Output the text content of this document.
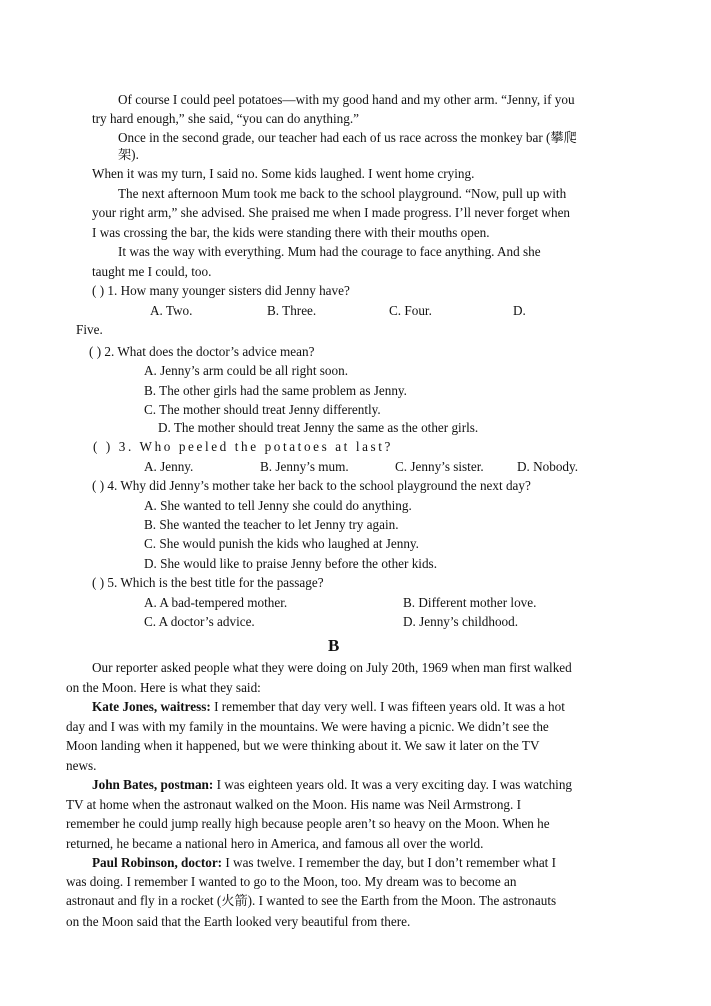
Of course I could peel potatoes—with my good hand and my other arm. “Jenny, if you
try hard enough,” she said, “you can do anything.”
Once in the second grade, our teacher had each of us race across the monkey bar (攀爬
架).
When it was my turn, I said no. Some kids laughed. I went home crying.
The next afternoon Mum took me back to the school playground. “Now, pull up with
your right arm,” she advised. She praised me when I made progress. I’ll never forget when
I was crossing the bar, the kids were standing there with their mouths open.
It was the way with everything. Mum had the courage to face anything. And she
taught me I could, too.
( ) 1. How many younger sisters did Jenny have?
A. Two.	B. Three.	C. Four.	D.
Five.
( ) 2. What does the doctor’s advice mean?
A. Jenny’s arm could be all right soon.
B. The other girls had the same problem as Jenny.
C. The mother should treat Jenny differently.
D. The mother should treat Jenny the same as the other girls.
( ) 3. Who peeled the potatoes at last?
A. Jenny.	B. Jenny’s mum.	C. Jenny’s sister.	D. Nobody.
( ) 4. Why did Jenny’s mother take her back to the school playground the next day?
A. She wanted to tell Jenny she could do anything.
B. She wanted the teacher to let Jenny try again.
C. She would punish the kids who laughed at Jenny.
D. She would like to praise Jenny before the other kids.
( ) 5. Which is the best title for the passage?
A. A bad-tempered mother.	B. Different mother love.
C. A doctor’s advice.	D. Jenny’s childhood.
B
Our reporter asked people what they were doing on July 20th, 1969 when man first walked
on the Moon. Here is what they said:
Kate Jones, waitress: I remember that day very well. I was fifteen years old. It was a hot
day and I was with my family in the mountains. We were having a picnic. We didn’t see the
Moon landing when it happened, but we were thinking about it. We saw it later on the TV
news.
John Bates, postman: I was eighteen years old. It was a very exciting day. I was watching
TV at home when the astronaut walked on the Moon. His name was Neil Armstrong. I
remember he could jump really high because people aren’t so heavy on the Moon. When he
returned, he became a national hero in America, and famous all over the world.
Paul Robinson, doctor: I was twelve. I remember the day, but I don’t remember what I
was doing. I remember I wanted to go to the Moon, too. My dream was to become an
astronaut and fly in a rocket (火箭). I wanted to see the Earth from the Moon. The astronauts
on the Moon said that the Earth looked very beautiful from there.
